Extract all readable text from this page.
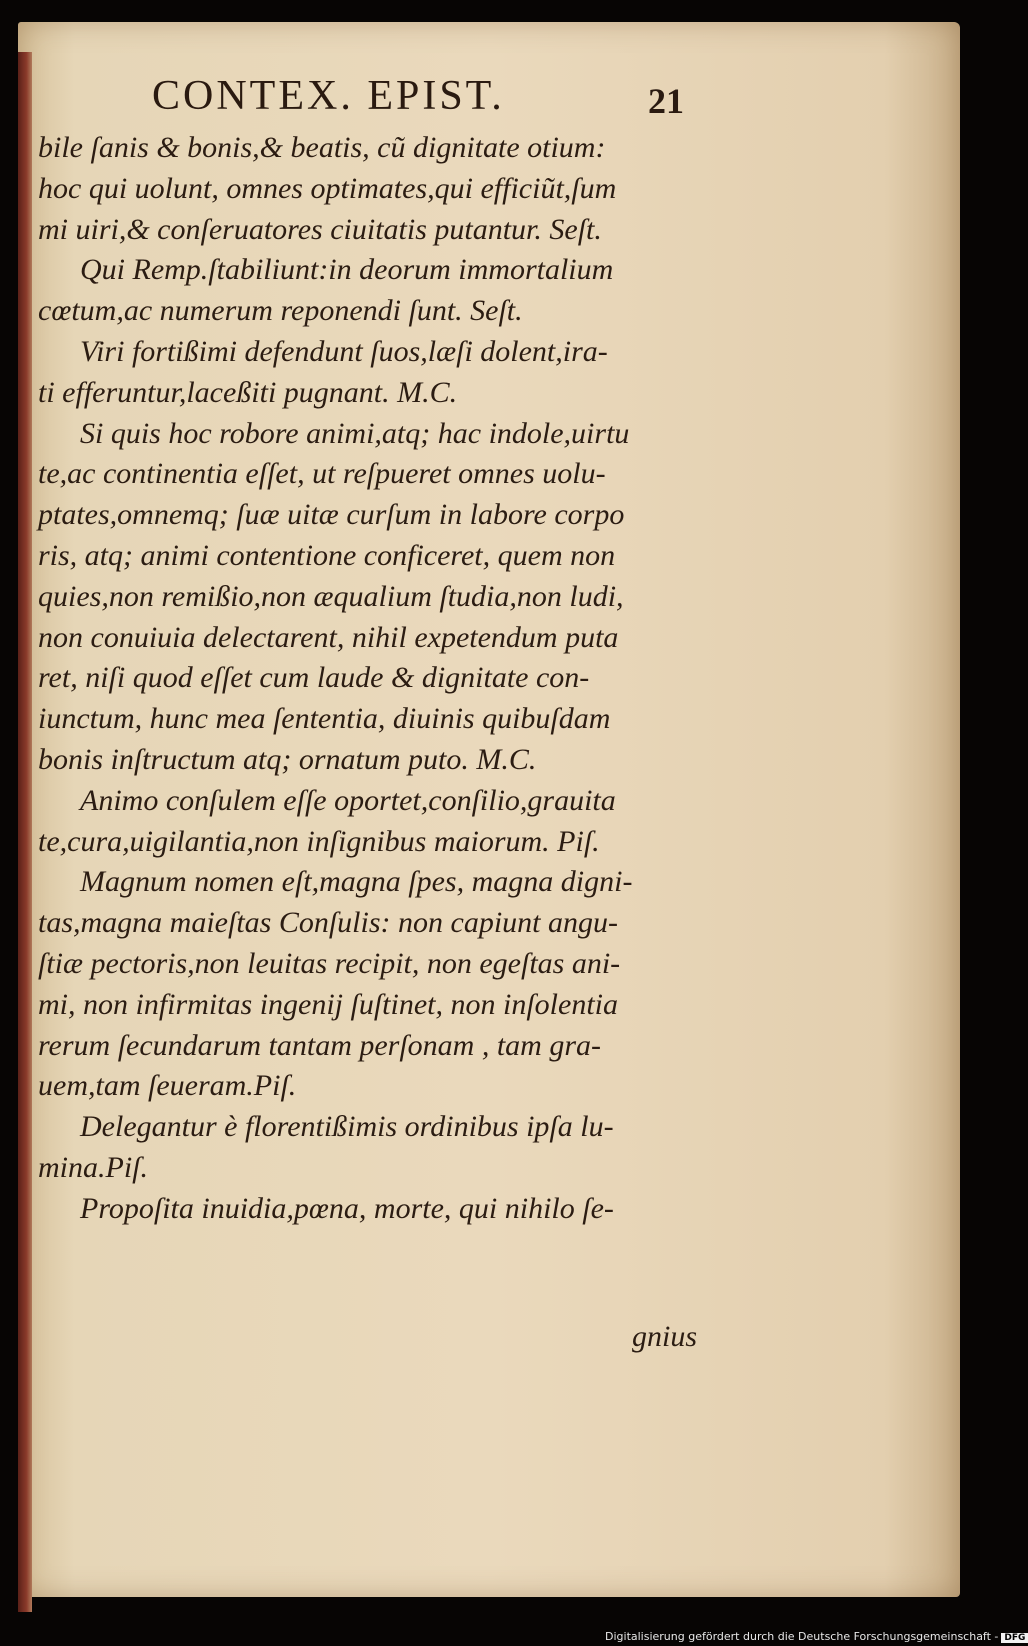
CONTEX. EPIST.	21
bile ſanis & bonis,& beatis, cũ dignitate otium:
hoc qui uolunt, omnes optimates,qui efficiũt,ſum
mi uiri,& conſeruatores ciuitatis putantur. Seſt.
Qui Remp.ſtabiliunt:in deorum immortalium
cœtum,ac numerum reponendi ſunt. Seſt.
Viri fortißimi defendunt ſuos,læſi dolent,ira-
ti efferuntur,laceßiti pugnant. M.C.
Si quis hoc robore animi,atq; hac indole,uirtu
te,ac continentia eſſet, ut reſpueret omnes uolu-
ptates,omnemq; ſuæ uitæ curſum in labore corpo
ris, atq; animi contentione conficeret, quem non
quies,non remißio,non æqualium ſtudia,non ludi,
non conuiuia delectarent, nihil expetendum puta
ret, niſi quod eſſet cum laude & dignitate con-
iunctum, hunc mea ſententia, diuinis quibuſdam
bonis inſtructum atq; ornatum puto. M.C.
Animo conſulem eſſe oportet,conſilio,grauita
te,cura,uigilantia,non inſignibus maiorum. Piſ.
Magnum nomen eſt,magna ſpes, magna digni-
tas,magna maieſtas Conſulis: non capiunt angu-
ſtiæ pectoris,non leuitas recipit, non egeſtas ani-
mi, non infirmitas ingenij ſuſtinet, non inſolentia
rerum ſecundarum tantam perſonam , tam gra-
uem,tam ſeueram.Piſ.
Delegantur è florentißimis ordinibus ipſa lu-
mina.Piſ.
Propoſita inuidia,pœna, morte, qui nihilo ſe-
gnius
Digitalisierung gefördert durch die Deutsche Forschungsgemeinschaft - DFG
